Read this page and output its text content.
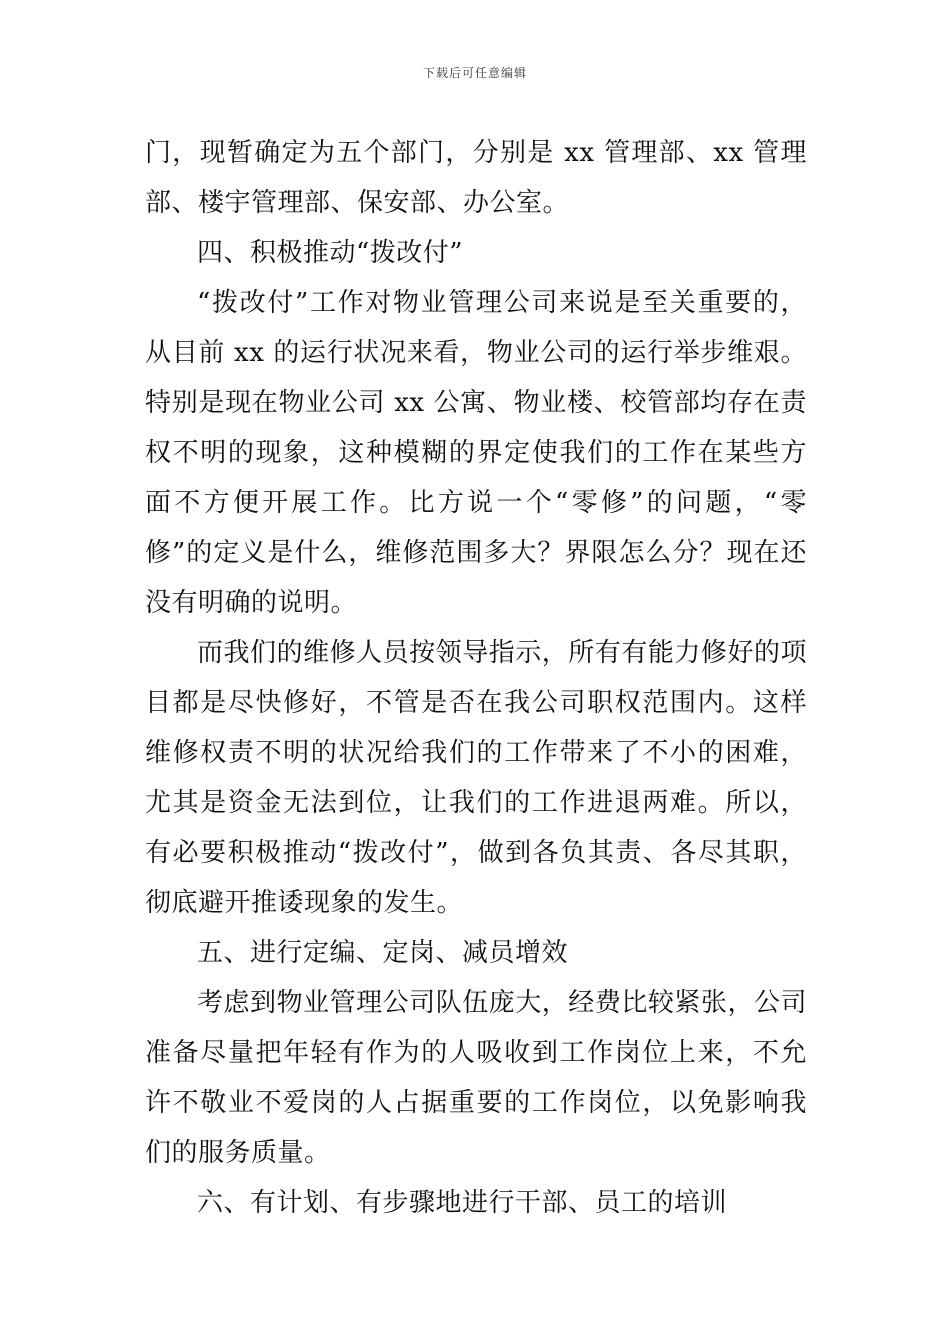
下载后可任意编辑

门，现暂确定为五个部门，分别是 xx 管理部、xx 管理部、楼宇管理部、保安部、办公室。

四、积极推动“拨改付”

“拨改付”工作对物业管理公司来说是至关重要的，从目前 xx 的运行状况来看，物业公司的运行举步维艰。特别是现在物业公司 xx 公寓、物业楼、校管部均存在责权不明的现象，这种模糊的界定使我们的工作在某些方面不方便开展工作。比方说一个“零修”的问题，“零修”的定义是什么，维修范围多大？界限怎么分？现在还没有明确的说明。

而我们的维修人员按领导指示，所有有能力修好的项目都是尽快修好，不管是否在我公司职权范围内。这样维修权责不明的状况给我们的工作带来了不小的困难，尤其是资金无法到位，让我们的工作进退两难。所以，有必要积极推动“拨改付”，做到各负其责、各尽其职，彻底避开推诿现象的发生。

五、进行定编、定岗、减员增效

考虑到物业管理公司队伍庞大，经费比较紧张，公司准备尽量把年轻有作为的人吸收到工作岗位上来，不允许不敬业不爱岗的人占据重要的工作岗位，以免影响我们的服务质量。

六、有计划、有步骤地进行干部、员工的培训
